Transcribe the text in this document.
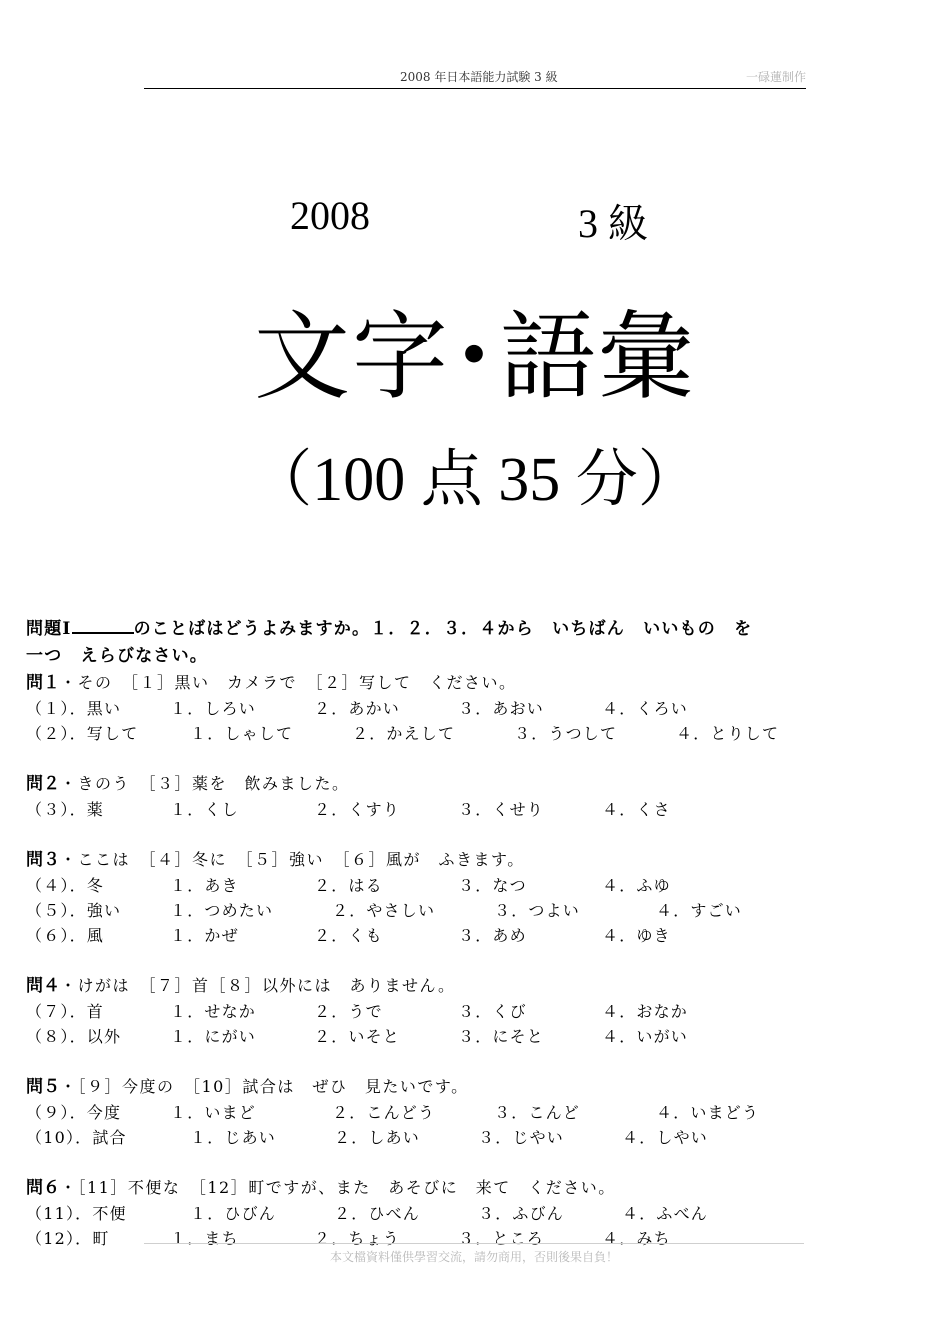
2008 年日本語能力試験 3 級	一碌蓮制作
2008	3 級
文字･語彙
（100 点 35 分）
問題Ⅰ	のことばはどうよみますか。１．２．３．４から　いちばん　いいもの　を
一つ　えらびなさい。
問１・その　［１］黒い　カメラで　［２］写して　ください。
（１）．黒い	１．しろい	２．あかい	３．あおい	４．くろい
（２）．写して	１．しゃして	２．かえして	３．うつして	４．とりして
問２・きのう　［３］薬を　飲みました。
（３）．薬	１．くし	２．くすり	３．くせり	４．くさ
問３・ここは　［４］冬に　［５］強い　［６］風が　ふきます。
（４）．冬	１．あき	２．はる	３．なつ	４．ふゆ
（５）．強い	１．つめたい	２．やさしい	３．つよい	４．すごい
（６）．風	１．かぜ	２．くも	３．あめ	４．ゆき
問４・けがは　［７］首［８］以外には　ありません。
（７）．首	１．せなか	２．うで	３．くび	４．おなか
（８）．以外	１．にがい	２．いそと	３．にそと	４．いがい
問５・［９］今度の　［10］試合は　ぜひ　見たいです。
（９）．今度	１．いまど	２．こんどう	３．こんど	４．いまどう
（10）．試合	１．じあい	２．しあい	３．じやい	４．しやい
問６・［11］不便な　［12］町ですが、また　あそびに　来て　ください。
（11）．不便	１．ひびん	２．ひべん	３．ふびん	４．ふべん
（12）．町	１．まち	２．ちょう	３．ところ	４．みち
本文檔資料僅供學習交流，請勿商用，否則後果自負！
